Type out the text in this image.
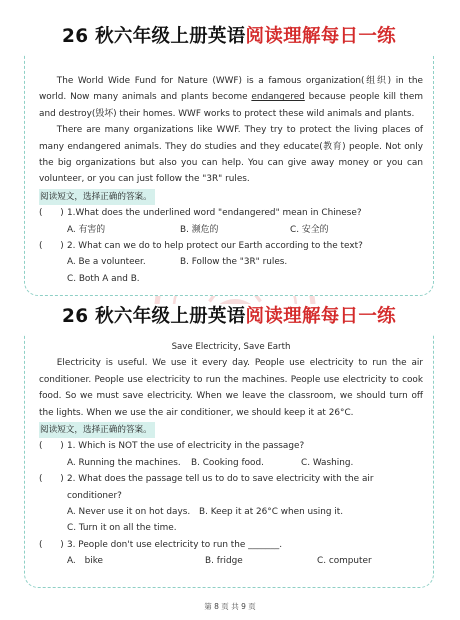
The World Wide Fund for Nature (WWF) is a famous organization(组织) in the world. Now many animals and plants become endangered because people kill them and destroy(毁坏) their homes. WWF works to protect these wild animals and plants.

There are many organizations like WWF. They try to protect the living places of many endangered animals. They do studies and they educate(教育) people. Not only the big organizations but also you can help. You can give away money or you can volunteer, or you can just follow the "3R" rules.

阅读短文，选择正确的答案。

(　　) 1.What does the underlined word "endangered" mean in Chinese?

A. 有害的	B. 濒危的	C. 安全的

(　　) 2. What can we do to help protect our Earth according to the text?

A. Be a volunteer.	B. Follow the "3R" rules.

C. Both A and B.

26 秋六年级上册英语阅读理解每日一练

Save Electricity, Save Earth

Electricity is useful. We use it every day. People use electricity to run the air conditioner. People use electricity to run the machines. People use electricity to cook food. So we must save electricity. When we leave the classroom, we should turn off the lights. When we use the air conditioner, we should keep it at 26°C.

阅读短文，选择正确的答案。

(　　) 1. Which is NOT the use of electricity in the passage?

A. Running the machines.	B. Cooking food.	C. Washing.

(　　) 2. What does the passage tell us to do to save electricity with the air conditioner?

A. Never use it on hot days. B. Keep it at 26°C when using it.

C. Turn it on all the time.

(　　) 3. People don't use electricity to run the _______.

A.　bike	B. fridge	C. computer

26 秋六年级上册英语阅读理解每日一练
第 8 页 共 9 页
